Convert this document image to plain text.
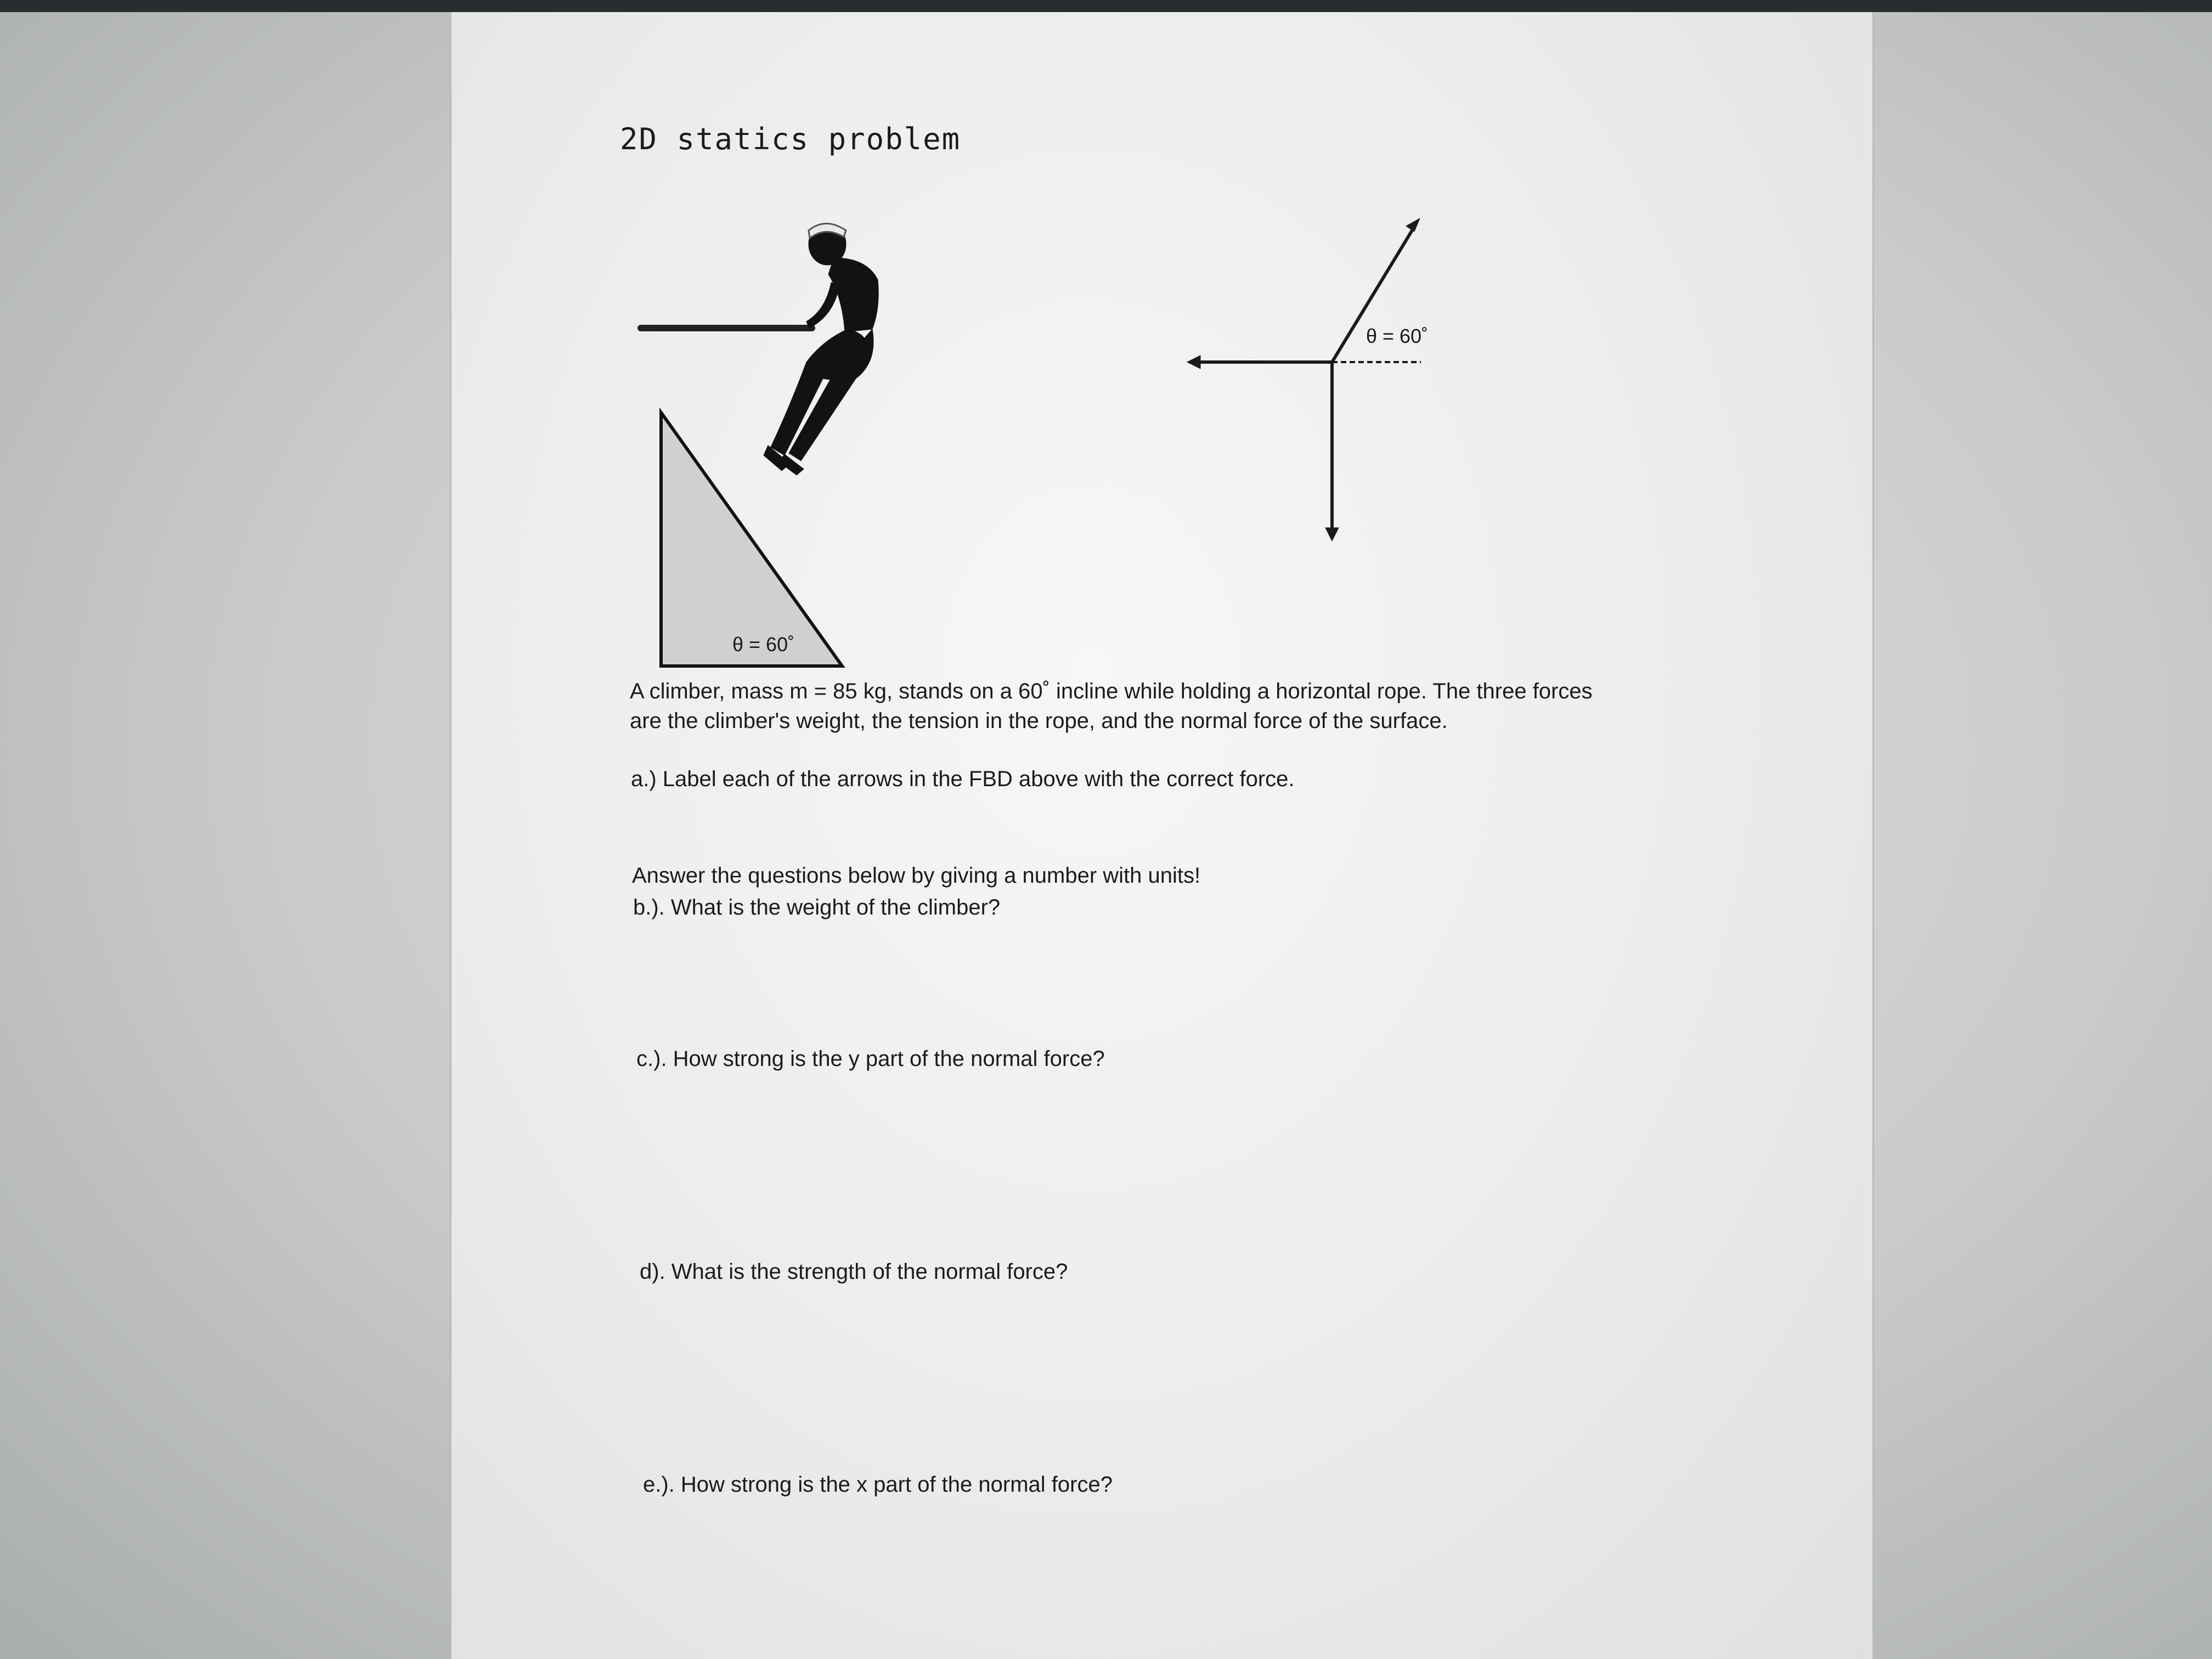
2D statics problem
θ = 60˚
θ = 60˚
A climber, mass m = 85 kg, stands on a 60˚ incline while holding a horizontal rope. The three forces
are the climber's weight, the tension in the rope, and the normal force of the surface.
a.) Label each of the arrows in the FBD above with the correct force.
Answer the questions below by giving a number with units!
b.). What is the weight of the climber?
c.). How strong is the y part of the normal force?
d). What is the strength of the normal force?
e.). How strong is the x part of the normal force?
